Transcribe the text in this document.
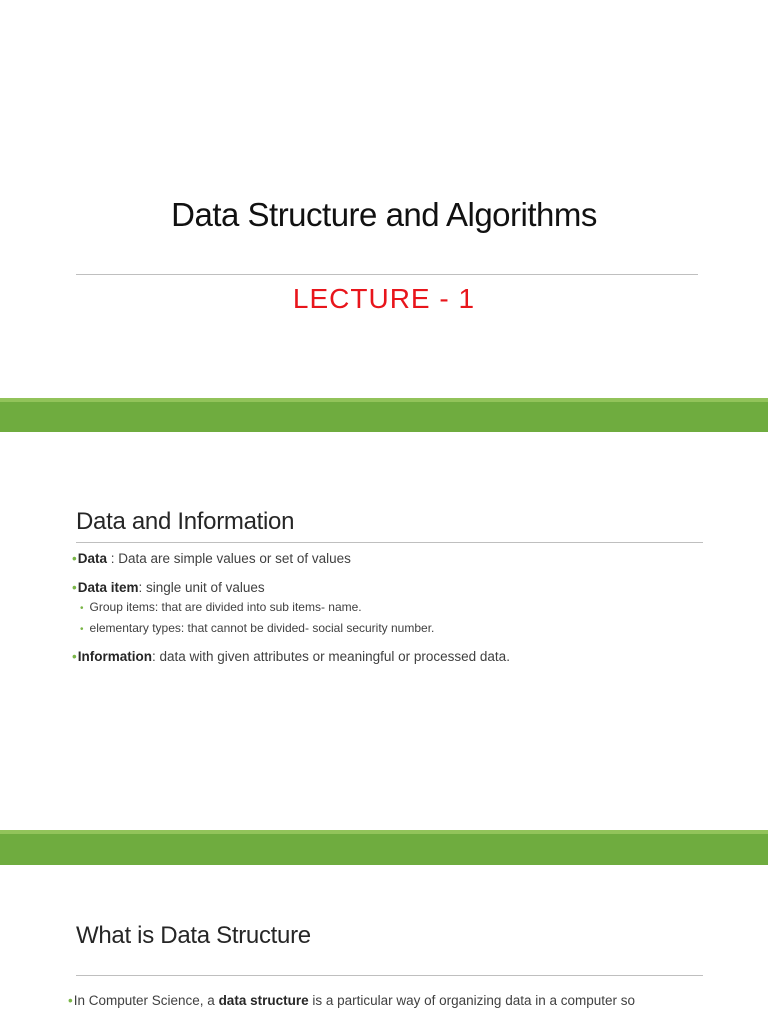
Data Structure and Algorithms
LECTURE - 1
Data and Information
•Data : Data are simple values or set of values
•Data item: single unit of values
• Group items: that are divided into sub items- name.
• elementary types: that cannot be divided- social security number.
•Information: data with given attributes or meaningful or processed data.
What is Data Structure
•In Computer Science, a data structure is a particular way of organizing data in a computer so
